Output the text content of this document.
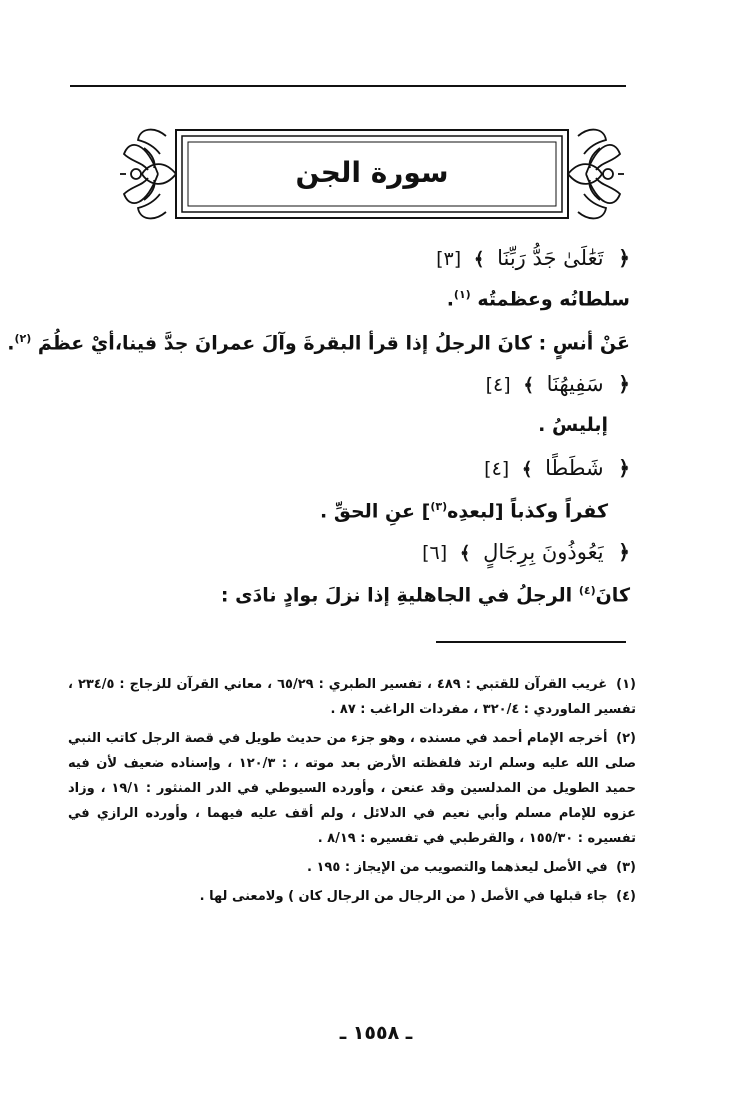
سورة الجن
﴿ تَعَٰلَىٰ جَدُّ رَبِّنَا ﴾ [٣]
سلطانُه وعظمتُه $^{(١)}$.
عَنْ أنسٍ : كانَ الرجلُ إذا قرأ البقرةَ وآلَ عمرانَ جدَّ فينا،أيْ عظُمَ $^{(٢)}$.
﴿ سَفِيهُنَا ﴾ [٤]
إبليسُ .
﴿ شَطَطًا ﴾ [٤]
كفراً وكذباً [لبعدِه$^{(٣)}$] عنِ الحقِّ .
﴿ يَعُوذُونَ بِرِجَالٍ ﴾ [٦]
كانَ$^{(٤)}$ الرجلُ في الجاهليةِ إذا نزلَ بوادٍ نادَى :
(١) غريب القرآن للقتبي : ٤٨٩ ، تفسير الطبري : ٦٥/٢٩ ، معاني القرآن للزجاج : ٢٣٤/٥ ، تفسير الماوردي : ٣٢٠/٤ ، مفردات الراغب : ٨٧ .
(٢) أخرجه الإمام أحمد في مسنده ، وهو جزء من حديث طويل في قصة الرجل كاتب النبي صلى الله عليه وسلم ارتد فلفظته الأرض بعد موته ، : ١٢٠/٣ ، وإسناده ضعيف لأن فيه حميد الطويل من المدلسين وقد عنعن ، وأورده السيوطي في الدر المنثور : ١٩/١ ، وزاد عزوه للإمام مسلم وأبي نعيم في الدلائل ، ولم أقف عليه فيهما ، وأورده الرازي في تفسيره : ١٥٥/٣٠ ، والقرطبي في تفسيره : ٨/١٩ .
(٣) في الأصل ليعذهما والتصويب من الإيجاز : ١٩٥ .
(٤) جاء قبلها في الأصل ( من الرجال من الرجال كان ) ولامعنى لها .
ـ ١٥٥٨ ـ
